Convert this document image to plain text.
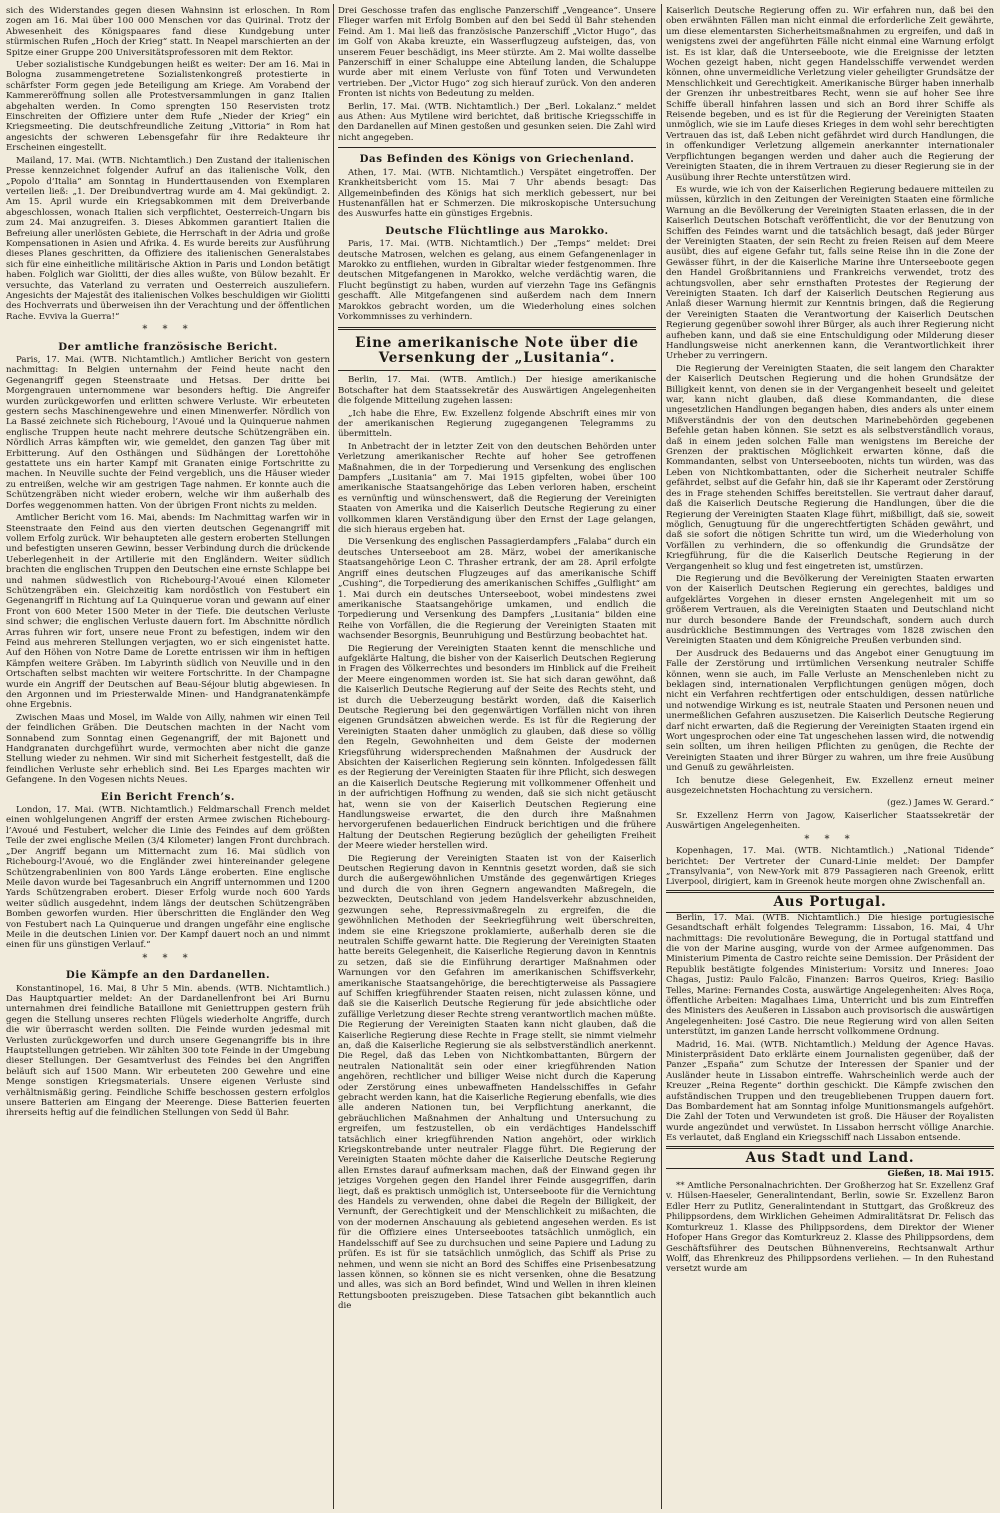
sich des Widerstandes gegen diesen Wahnsinn ist erloschen. In Rom zogen am 16. Mai über 100 000 Menschen vor das Quirinal. Trotz der Abwesenheit des Königspaares fand diese Kundgebung unter stürmischen Rufen „Hoch der Krieg“ statt. In Neapel marschierten an der Spitze einer Gruppe 200 Universitätsprofessoren mit dem Rektor.

Ueber sozialistische Kundgebungen heißt es weiter: Der am 16. Mai in Bologna zusammengetretene Sozialistenkongreß protestierte in schärfster Form gegen jede Beteiligung am Kriege. Am Vorabend der Kammereröffnung sollen alle Protestversammlungen in ganz Italien abgehalten werden. In Como sprengten 150 Reservisten trotz Einschreiten der Offiziere unter dem Rufe „Nieder der Krieg“ ein Kriegsmeeting. Die deutschfreundliche Zeitung „Vittoria“ in Rom hat angesichts der schweren Lebensgefahr für ihre Redakteure ihr Erscheinen eingestellt.

Mailand, 17. Mai. (WTB. Nichtamtlich.) Den Zustand der italienischen Presse kennzeichnet folgender Aufruf an das italienische Volk, den „Popolo d’Italia“ am Sonntag in Hunderttausenden von Exemplaren verteilen ließ: „1. Der Dreibundvertrag wurde am 4. Mai gekündigt. 2. Am 15. April wurde ein Kriegsabkommen mit dem Dreiverbande abgeschlossen, wonach Italien sich verpflichtet, Oesterreich-Ungarn bis zum 24. Mai anzugreifen. 3. Dieses Abkommen garantiert Italien die Befreiung aller unerlösten Gebiete, die Herrschaft in der Adria und große Kompensationen in Asien und Afrika. 4. Es wurde bereits zur Ausführung dieses Planes geschritten, da Offiziere des italienischen Generalstabes sich für eine einheitliche militärische Aktion in Paris und London betätigt haben. Folglich war Giolitti, der dies alles wußte, von Bülow bezahlt. Er versuchte, das Vaterland zu verraten und Oesterreich auszuliefern. Angesichts der Majestät des italienischen Volkes beschuldigen wir Giolitti des Hochverrats und überweisen ihn der Verachtung und der öffentlichen Rache. Evviva la Guerra!“

* * *
Der amtliche französische Bericht.

Paris, 17. Mai. (WTB. Nichtamtlich.) Amtlicher Bericht von gestern nachmittag: In Belgien unternahm der Feind heute nacht den Gegenangriff gegen Steenstraate und Hetsas. Der dritte bei Morgengrauen unternommene war besonders heftig. Die Angreifer wurden zurückgeworfen und erlitten schwere Verluste. Wir erbeuteten gestern sechs Maschinengewehre und einen Minenwerfer. Nördlich von La Bassé zeichnete sich Richebourg, l’Avoué und la Quinquerue nahmen englische Truppen heute nacht mehrere deutsche Schützengräben ein. Nördlich Arras kämpften wir, wie gemeldet, den ganzen Tag über mit Erbitterung. Auf den Osthängen und Südhängen der Lorettohöhe gestattete uns ein harter Kampf mit Granaten einige Fortschritte zu machen. In Neuville suchte der Feind vergeblich, uns die Häuser wieder zu entreißen, welche wir am gestrigen Tage nahmen. Er konnte auch die Schützengräben nicht wieder erobern, welche wir ihm außerhalb des Dorfes weggenommen hatten. Von der übrigen Front nichts zu melden.

Amtlicher Bericht vom 16. Mai, abends: Im Nachmittag warfen wir in Steenstraate den Feind aus den vierten deutschen Gegenangriff mit vollem Erfolg zurück. Wir behaupteten alle gestern eroberten Stellungen und befestigten unseren Gewinn, besser Verbindung durch die drückende Ueberlegenheit in der Artillerie mit den Engländern. Weiter südlich brachten die englischen Truppen den Deutschen eine ernste Schlappe bei und nahmen südwestlich von Richebourg-l’Avoué einen Kilometer Schützengräben ein. Gleichzeitig kam nordöstlich von Festubert ein Gegenangriff in Richtung auf La Quinquerue voran und gewann auf einer Front von 600 Meter 1500 Meter in der Tiefe. Die deutschen Verluste sind schwer; die englischen Verluste dauern fort. Im Abschnitte nördlich Arras fuhren wir fort, unsere neue Front zu befestigen, indem wir den Feind aus mehreren Stellungen verjagten, wo er sich eingenistet hatte. Auf den Höhen von Notre Dame de Lorette entrissen wir ihm in heftigen Kämpfen weitere Gräben. Im Labyrinth südlich von Neuville und in den Ortschaften selbst machten wir weitere Fortschritte. In der Champagne wurde ein Angriff der Deutschen auf Beau-Séjour blutig abgewiesen. In den Argonnen und im Priesterwalde Minen- und Handgranatenkämpfe ohne Ergebnis.

Zwischen Maas und Mosel, im Walde von Ailly, nahmen wir einen Teil der feindlichen Gräben. Die Deutschen machten in der Nacht vom Sonnabend zum Sonntag einen Gegenangriff, der mit Bajonett und Handgranaten durchgeführt wurde, vermochten aber nicht die ganze Stellung wieder zu nehmen. Wir sind mit Sicherheit festgestellt, daß die feindlichen Verluste sehr erheblich sind. Bei Les Eparges machten wir Gefangene. In den Vogesen nichts Neues.

Ein Bericht French’s.

London, 17. Mai. (WTB. Nichtamtlich.) Feldmarschall French meldet einen wohlgelungenen Angriff der ersten Armee zwischen Richebourg-l’Avoué und Festubert, welcher die Linie des Feindes auf dem größten Teile der zwei englische Meilen (3/4 Kilometer) langen Front durchbrach. „Der Angriff begann um Mitternacht zum 16. Mai südlich von Richebourg-l’Avoué, wo die Engländer zwei hintereinander gelegene Schützengrabenlinien von 800 Yards Länge eroberten. Eine englische Meile davon wurde bei Tagesanbruch ein Angriff unternommen und 1200 Yards Schützengraben erobert. Dieser Erfolg wurde noch 600 Yards weiter südlich ausgedehnt, indem längs der deutschen Schützengräben Bomben geworfen wurden. Hier überschritten die Engländer den Weg von Festubert nach La Quinquerue und drangen ungefähr eine englische Meile in die deutschen Linien vor. Der Kampf dauert noch an und nimmt einen für uns günstigen Verlauf.“

* * *
Die Kämpfe an den Dardanellen.

Konstantinopel, 16. Mai, 8 Uhr 5 Min. abends. (WTB. Nichtamtlich.) Das Hauptquartier meldet: An der Dardanellenfront bei Ari Burnu unternahmen drei feindliche Bataillone mit Geniettruppen gestern früh gegen die Stellung unseres rechten Flügels wiederholte Angriffe, durch die wir überrascht werden sollten. Die Feinde wurden jedesmal mit Verlusten zurückgeworfen und durch unsere Gegenangriffe bis in ihre Hauptstellungen getrieben. Wir zählten 300 tote Feinde in der Umgebung dieser Stellungen. Der Gesamtverlust des Feindes bei den Angriffen beläuft sich auf 1500 Mann. Wir erbeuteten 200 Gewehre und eine Menge sonstigen Kriegsmaterials. Unsere eigenen Verluste sind verhältnismäßig gering. Feindliche Schiffe beschossen gestern erfolglos unsere Batterien am Eingang der Meerenge. Diese Batterien feuerten ihrerseits heftig auf die feindlichen Stellungen von Sedd ül Bahr.

Drei Geschosse trafen das englische Panzerschiff „Vengeance“. Unsere Flieger warfen mit Erfolg Bomben auf den bei Sedd ül Bahr stehenden Feind. Am 1. Mai ließ das französische Panzerschiff „Victor Hugo“, das im Golf von Akaba kreuzte, ein Wasserflugzeug aufsteigen, das, von unserem Feuer beschädigt, ins Meer stürzte. Am 2. Mai wollte dasselbe Panzerschiff in einer Schaluppe eine Abteilung landen, die Schaluppe wurde aber mit einem Verluste von fünf Toten und Verwundeten vertrieben. Der „Victor Hugo“ zog sich hierauf zurück. Von den anderen Fronten ist nichts von Bedeutung zu melden.

Berlin, 17. Mai. (WTB. Nichtamtlich.) Der „Berl. Lokalanz.“ meldet aus Athen: Aus Mytilene wird berichtet, daß britische Kriegsschiffe in den Dardanellen auf Minen gestoßen und gesunken seien. Die Zahl wird nicht angegeben.

Das Befinden des Königs von Griechenland.

Athen, 17. Mai. (WTB. Nichtamtlich.) Verspätet eingetroffen. Der Krankheitsbericht vom 15. Mai 7 Uhr abends besagt: Das Allgemeinbefinden des Königs hat sich merklich gebessert, nur bei Hustenanfällen hat er Schmerzen. Die mikroskopische Untersuchung des Auswurfes hatte ein günstiges Ergebnis.

Deutsche Flüchtlinge aus Marokko.

Paris, 17. Mai. (WTB. Nichtamtlich.) Der „Temps“ meldet: Drei deutsche Matrosen, welchen es gelang, aus einem Gefangenenlager in Marokko zu entfliehen, wurden in Gibraltar wieder festgenommen. Ihre deutschen Mitgefangenen in Marokko, welche verdächtig waren, die Flucht begünstigt zu haben, wurden auf vierzehn Tage ins Gefängnis geschafft. Alle Mitgefangenen sind außerdem nach dem Innern Marokkos gebracht worden, um die Wiederholung eines solchen Vorkommnisses zu verhindern.

Eine amerikanische Note über die Versenkung der „Lusitania“.

Berlin, 17. Mai. (WTB. Amtlich.) Der hiesige amerikanische Botschafter hat dem Staatssekretär des Auswärtigen Angelegenheiten die folgende Mitteilung zugehen lassen:

„Ich habe die Ehre, Ew. Exzellenz folgende Abschrift eines mir von der amerikanischen Regierung zugegangenen Telegramms zu übermitteln.

In Anbetracht der in letzter Zeit von den deutschen Behörden unter Verletzung amerikanischer Rechte auf hoher See getroffenen Maßnahmen, die in der Torpedierung und Versenkung des englischen Dampfers „Lusitania“ am 7. Mai 1915 gipfelten, wobei über 100 amerikanische Staatsangehörige das Leben verloren haben, erscheint es vernünftig und wünschenswert, daß die Regierung der Vereinigten Staaten von Amerika und die Kaiserlich Deutsche Regierung zu einer vollkommen klaren Verständigung über den Ernst der Lage gelangen, die sich hieraus ergeben hat.

Die Versenkung des englischen Passagierdampfers „Falaba“ durch ein deutsches Unterseeboot am 28. März, wobei der amerikanische Staatsangehörige Leon C. Thrasher ertrank, der am 28. April erfolgte Angriff eines deutschen Flugzeuges auf das amerikanische Schiff „Cushing“, die Torpedierung des amerikanischen Schiffes „Gulflight“ am 1. Mai durch ein deutsches Unterseeboot, wobei mindestens zwei amerikanische Staatsangehörige umkamen, und endlich die Torpedierung und Versenkung des Dampfers „Lusitania“ bilden eine Reihe von Vorfällen, die die Regierung der Vereinigten Staaten mit wachsender Besorgnis, Beunruhigung und Bestürzung beobachtet hat.

Die Regierung der Vereinigten Staaten kennt die menschliche und aufgeklärte Haltung, die bisher von der Kaiserlich Deutschen Regierung in Fragen des Völkerrechtes und besonders im Hinblick auf die Freiheit der Meere eingenommen worden ist. Sie hat sich daran gewöhnt, daß die Kaiserlich Deutsche Regierung auf der Seite des Rechts steht, und ist durch die Ueberzeugung bestärkt worden, daß die Kaiserlich Deutsche Regierung bei den gegenwärtigen Vorfällen nicht von ihren eigenen Grundsätzen abweichen werde. Es ist für die Regierung der Vereinigten Staaten daher unmöglich zu glauben, daß diese so völlig den Regeln, Gewohnheiten und dem Geiste der modernen Kriegsführung widersprechenden Maßnahmen der Ausdruck der Absichten der Kaiserlichen Regierung sein könnten. Infolgedessen fällt es der Regierung der Vereinigten Staaten für ihre Pflicht, sich deswegen an die Kaiserlich Deutsche Regierung mit vollkommener Offenheit und in der aufrichtigen Hoffnung zu wenden, daß sie sich nicht getäuscht hat, wenn sie von der Kaiserlich Deutschen Regierung eine Handlungsweise erwartet, die den durch ihre Maßnahmen hervorgerufenen bedauerlichen Eindruck berichtigen und die frühere Haltung der Deutschen Regierung bezüglich der geheiligten Freiheit der Meere wieder herstellen wird.

Die Regierung der Vereinigten Staaten ist von der Kaiserlich Deutschen Regierung davon in Kenntnis gesetzt worden, daß sie sich durch die außergewöhnlichen Umstände des gegenwärtigen Krieges und durch die von ihren Gegnern angewandten Maßregeln, die bezweckten, Deutschland von jedem Handelsverkehr abzuschneiden, gezwungen sehe, Repressivmaßregeln zu ergreifen, die die gewöhnlichen Methoden der Seekriegführung weit überschreiten, indem sie eine Kriegszone proklamierte, außerhalb deren sie die neutralen Schiffe gewarnt hatte. Die Regierung der Vereinigten Staaten hatte bereits Gelegenheit, die Kaiserliche Regierung davon in Kenntnis zu setzen, daß sie die Einführung derartiger Maßnahmen oder Warnungen vor den Gefahren im amerikanischen Schiffsverkehr, amerikanische Staatsangehörige, die berechtigterweise als Passagiere auf Schiffen kriegführender Staaten reisen, nicht zulassen könne, und daß sie die Kaiserlich Deutsche Regierung für jede absichtliche oder zufällige Verletzung dieser Rechte streng verantwortlich machen müßte. Die Regierung der Vereinigten Staaten kann nicht glauben, daß die Kaiserliche Regierung diese Rechte in Frage stellt, sie nimmt vielmehr an, daß die Kaiserliche Regierung sie als selbstverständlich anerkennt. Die Regel, daß das Leben von Nichtkombattanten, Bürgern der neutralen Nationalität sein oder einer kriegführenden Nation angehören, rechtlicher und billiger Weise nicht durch die Kaperung oder Zerstörung eines unbewaffneten Handelsschiffes in Gefahr gebracht werden kann, hat die Kaiserliche Regierung ebenfalls, wie dies alle anderen Nationen tun, bei Verpflichtung anerkannt, die gebräuchlichen Maßnahmen der Anhaltung und Untersuchung zu ergreifen, um festzustellen, ob ein verdächtiges Handelsschiff tatsächlich einer kriegführenden Nation angehört, oder wirklich Kriegskontrebande unter neutraler Flagge führt. Die Regierung der Vereinigten Staaten möchte daher die Kaiserliche Deutsche Regierung allen Ernstes darauf aufmerksam machen, daß der Einwand gegen ihr jetziges Vorgehen gegen den Handel ihrer Feinde ausgegriffen, darin liegt, daß es praktisch unmöglich ist, Unterseeboote für die Vernichtung des Handels zu verwenden, ohne dabei die Regeln der Billigkeit, der Vernunft, der Gerechtigkeit und der Menschlichkeit zu mißachten, die von der modernen Anschauung als gebietend angesehen werden. Es ist für die Offiziere eines Unterseebootes tatsächlich unmöglich, ein Handelsschiff auf See zu durchsuchen und seine Papiere und Ladung zu prüfen. Es ist für sie tatsächlich unmöglich, das Schiff als Prise zu nehmen, und wenn sie nicht an Bord des Schiffes eine Prisenbesatzung lassen können, so können sie es nicht versenken, ohne die Besatzung und alles, was sich an Bord befindet, Wind und Wellen in ihren kleinen Rettungsbooten preiszugeben. Diese Tatsachen gibt bekanntlich auch die

Kaiserlich Deutsche Regierung offen zu. Wir erfahren nun, daß bei den oben erwähnten Fällen man nicht einmal die erforderliche Zeit gewährte, um diese elementarsten Sicherheitsmaßnahmen zu ergreifen, und daß in wenigstens zwei der angeführten Fälle nicht einmal eine Warnung erfolgt ist. Es ist klar, daß die Unterseeboote, wie die Ereignisse der letzten Wochen gezeigt haben, nicht gegen Handelsschiffe verwendet werden können, ohne unvermeidliche Verletzung vieler geheiligter Grundsätze der Menschlichkeit und Gerechtigkeit. Amerikanische Bürger haben innerhalb der Grenzen ihr unbestreitbares Recht, wenn sie auf hoher See ihre Schiffe überall hinfahren lassen und sich an Bord ihrer Schiffe als Reisende begeben, und es ist für die Regierung der Vereinigten Staaten unmöglich, wie sie im Laufe dieses Krieges in dem wohl sehr berechtigten Vertrauen das ist, daß Leben nicht gefährdet wird durch Handlungen, die in offenkundiger Verletzung allgemein anerkannter internationaler Verpflichtungen begangen werden und daher auch die Regierung der Vereinigten Staaten, die in ihrem Vertrauen zu dieser Regierung sie in der Ausübung ihrer Rechte unterstützen wird.

Es wurde, wie ich von der Kaiserlichen Regierung bedauere mitteilen zu müssen, kürzlich in den Zeitungen der Vereinigten Staaten eine förmliche Warnung an die Bevölkerung der Vereinigten Staaten erlassen, die in der Kaiserlich Deutschen Botschaft veröffentlicht, die vor der Benutzung von Schiffen des Feindes warnt und die tatsächlich besagt, daß jeder Bürger der Vereinigten Staaten, der sein Recht zu freien Reisen auf dem Meere ausübt, dies auf eigene Gefahr tut, falls seine Reise ihn in die Zone der Gewässer führt, in der die Kaiserliche Marine ihre Unterseeboote gegen den Handel Großbritanniens und Frankreichs verwendet, trotz des achtungsvollen, aber sehr ernsthaften Protestes der Regierung der Vereinigten Staaten. Ich darf der Kaiserlich Deutschen Regierung aus Anlaß dieser Warnung hiermit zur Kenntnis bringen, daß die Regierung der Vereinigten Staaten die Verantwortung der Kaiserlich Deutschen Regierung gegenüber sowohl ihrer Bürger, als auch ihrer Regierung nicht aufheben kann, und daß sie eine Entschuldigung oder Milderung dieser Handlungsweise nicht anerkennen kann, die Verantwortlichkeit ihrer Urheber zu verringern.

Die Regierung der Vereinigten Staaten, die seit langem den Charakter der Kaiserlich Deutschen Regierung und die hohen Grundsätze der Billigkeit kennt, von denen sie in der Vergangenheit beseelt und geleitet war, kann nicht glauben, daß diese Kommandanten, die diese ungesetzlichen Handlungen begangen haben, dies anders als unter einem Mißverständnis der von den deutschen Marinebehörden gegebenen Befehle getan haben können. Sie setzt es als selbstverständlich voraus, daß in einem jeden solchen Falle man wenigstens im Bereiche der Grenzen der praktischen Möglichkeit erwarten könne, daß die Kommandanten, selbst von Unterseebooten, nichts tun würden, was das Leben von Nichtkombattanten, oder die Sicherheit neutraler Schiffe gefährdet, selbst auf die Gefahr hin, daß sie ihr Kaperamt oder Zerstörung des in Frage stehenden Schiffes bereitstellen. Sie vertraut daher darauf, daß die Kaiserlich Deutsche Regierung die Handlungen, über die die Regierung der Vereinigten Staaten Klage führt, mißbilligt, daß sie, soweit möglich, Genugtuung für die ungerechtfertigten Schäden gewährt, und daß sie sofort die nötigen Schritte tun wird, um die Wiederholung von Vorfällen zu verhindern, die so offenkundig die Grundsätze der Kriegführung, für die die Kaiserlich Deutsche Regierung in der Vergangenheit so klug und fest eingetreten ist, umstürzen.

Die Regierung und die Bevölkerung der Vereinigten Staaten erwarten von der Kaiserlich Deutschen Regierung ein gerechtes, baldiges und aufgeklärtes Vorgehen in dieser ernsten Angelegenheit mit um so größerem Vertrauen, als die Vereinigten Staaten und Deutschland nicht nur durch besondere Bande der Freundschaft, sondern auch durch ausdrückliche Bestimmungen des Vertrages vom 1828 zwischen den Vereinigten Staaten und dem Königreiche Preußen verbunden sind.

Der Ausdruck des Bedauerns und das Angebot einer Genugtuung im Falle der Zerstörung und irrtümlichen Versenkung neutraler Schiffe können, wenn sie auch, im Falle Verluste an Menschenleben nicht zu beklagen sind, internationalen Verpflichtungen genügen mögen, doch nicht ein Verfahren rechtfertigen oder entschuldigen, dessen natürliche und notwendige Wirkung es ist, neutrale Staaten und Personen neuen und unermeßlichen Gefahren auszusetzen. Die Kaiserlich Deutsche Regierung darf nicht erwarten, daß die Regierung der Vereinigten Staaten irgend ein Wort ungesprochen oder eine Tat ungeschehen lassen wird, die notwendig sein sollten, um ihren heiligen Pflichten zu genügen, die Rechte der Vereinigten Staaten und ihrer Bürger zu wahren, um ihre freie Ausübung und Genuß zu gewährleisten.

Ich benutze diese Gelegenheit, Ew. Exzellenz erneut meiner ausgezeichnetsten Hochachtung zu versichern.

(gez.) James W. Gerard.“

Sr. Exzellenz Herrn von Jagow, Kaiserlicher Staatssekretär der Auswärtigen Angelegenheiten.

* * *

Kopenhagen, 17. Mai. (WTB. Nichtamtlich.) „National Tidende“ berichtet: Der Vertreter der Cunard-Linie meldet: Der Dampfer „Transylvania“, von New-York mit 879 Passagieren nach Greenok, erlitt Liverpool, dirigiert, kam in Greenok heute morgen ohne Zwischenfall an.

Aus Portugal.

Berlin, 17. Mai. (WTB. Nichtamtlich.) Die hiesige portugiesische Gesandtschaft erhält folgendes Telegramm: Lissabon, 16. Mai, 4 Uhr nachmittags: Die revolutionäre Bewegung, die in Portugal stattfand und die von der Marine ausging, wurde von der Armee aufgenommen. Das Ministerium Pimenta de Castro reichte seine Demission. Der Präsident der Republik bestätigte folgendes Ministerium: Vorsitz und Inneres: Joao Chagas, Justiz: Paulo Falcão, Finanzen: Barros Queiros, Krieg: Basilio Telles, Marine: Fernandes Costa, auswärtige Angelegenheiten: Alves Roça, öffentliche Arbeiten: Magalhaes Lima, Unterricht und bis zum Eintreffen des Ministers des Aeußeren in Lissabon auch provisorisch die auswärtigen Angelegenheiten: José Castro. Die neue Regierung wird von allen Seiten unterstützt, im ganzen Lande herrscht vollkommene Ordnung.

Madrid, 16. Mai. (WTB. Nichtamtlich.) Meldung der Agence Havas. Ministerpräsident Dato erklärte einem Journalisten gegenüber, daß der Panzer „España“ zum Schutze der Interessen der Spanier und der Ausländer heute in Lissabon eintreffe. Wahrscheinlich werde auch der Kreuzer „Reina Regente“ dorthin geschickt. Die Kämpfe zwischen den aufständischen Truppen und den treugebliebenen Truppen dauern fort. Das Bombardement hat am Sonntag infolge Munitionsmangels aufgehört. Die Zahl der Toten und Verwundeten ist groß. Die Häuser der Royalisten wurde angezündet und verwüstet. In Lissabon herrscht völlige Anarchie. Es verlautet, daß England ein Kriegsschiff nach Lissabon entsende.

Aus Stadt und Land.

Gießen, 18. Mai 1915.

** Amtliche Personalnachrichten. Der Großherzog hat Sr. Exzellenz Graf v. Hülsen-Haeseler, Generalintendant, Berlin, sowie Sr. Exzellenz Baron Edler Herr zu Putlitz, Generalintendant in Stuttgart, das Großkreuz des Philippsordens, dem Wirklichen Geheimen Admiralitätsrat Dr. Felisch das Komturkreuz 1. Klasse des Philippsordens, dem Direktor der Wiener Hofoper Hans Gregor das Komturkreuz 2. Klasse des Philippsordens, dem Geschäftsführer des Deutschen Bühnenvereins, Rechtsanwalt Arthur Wolff, das Ehrenkreuz des Philippsordens verliehen. — In den Ruhestand versetzt wurde am
